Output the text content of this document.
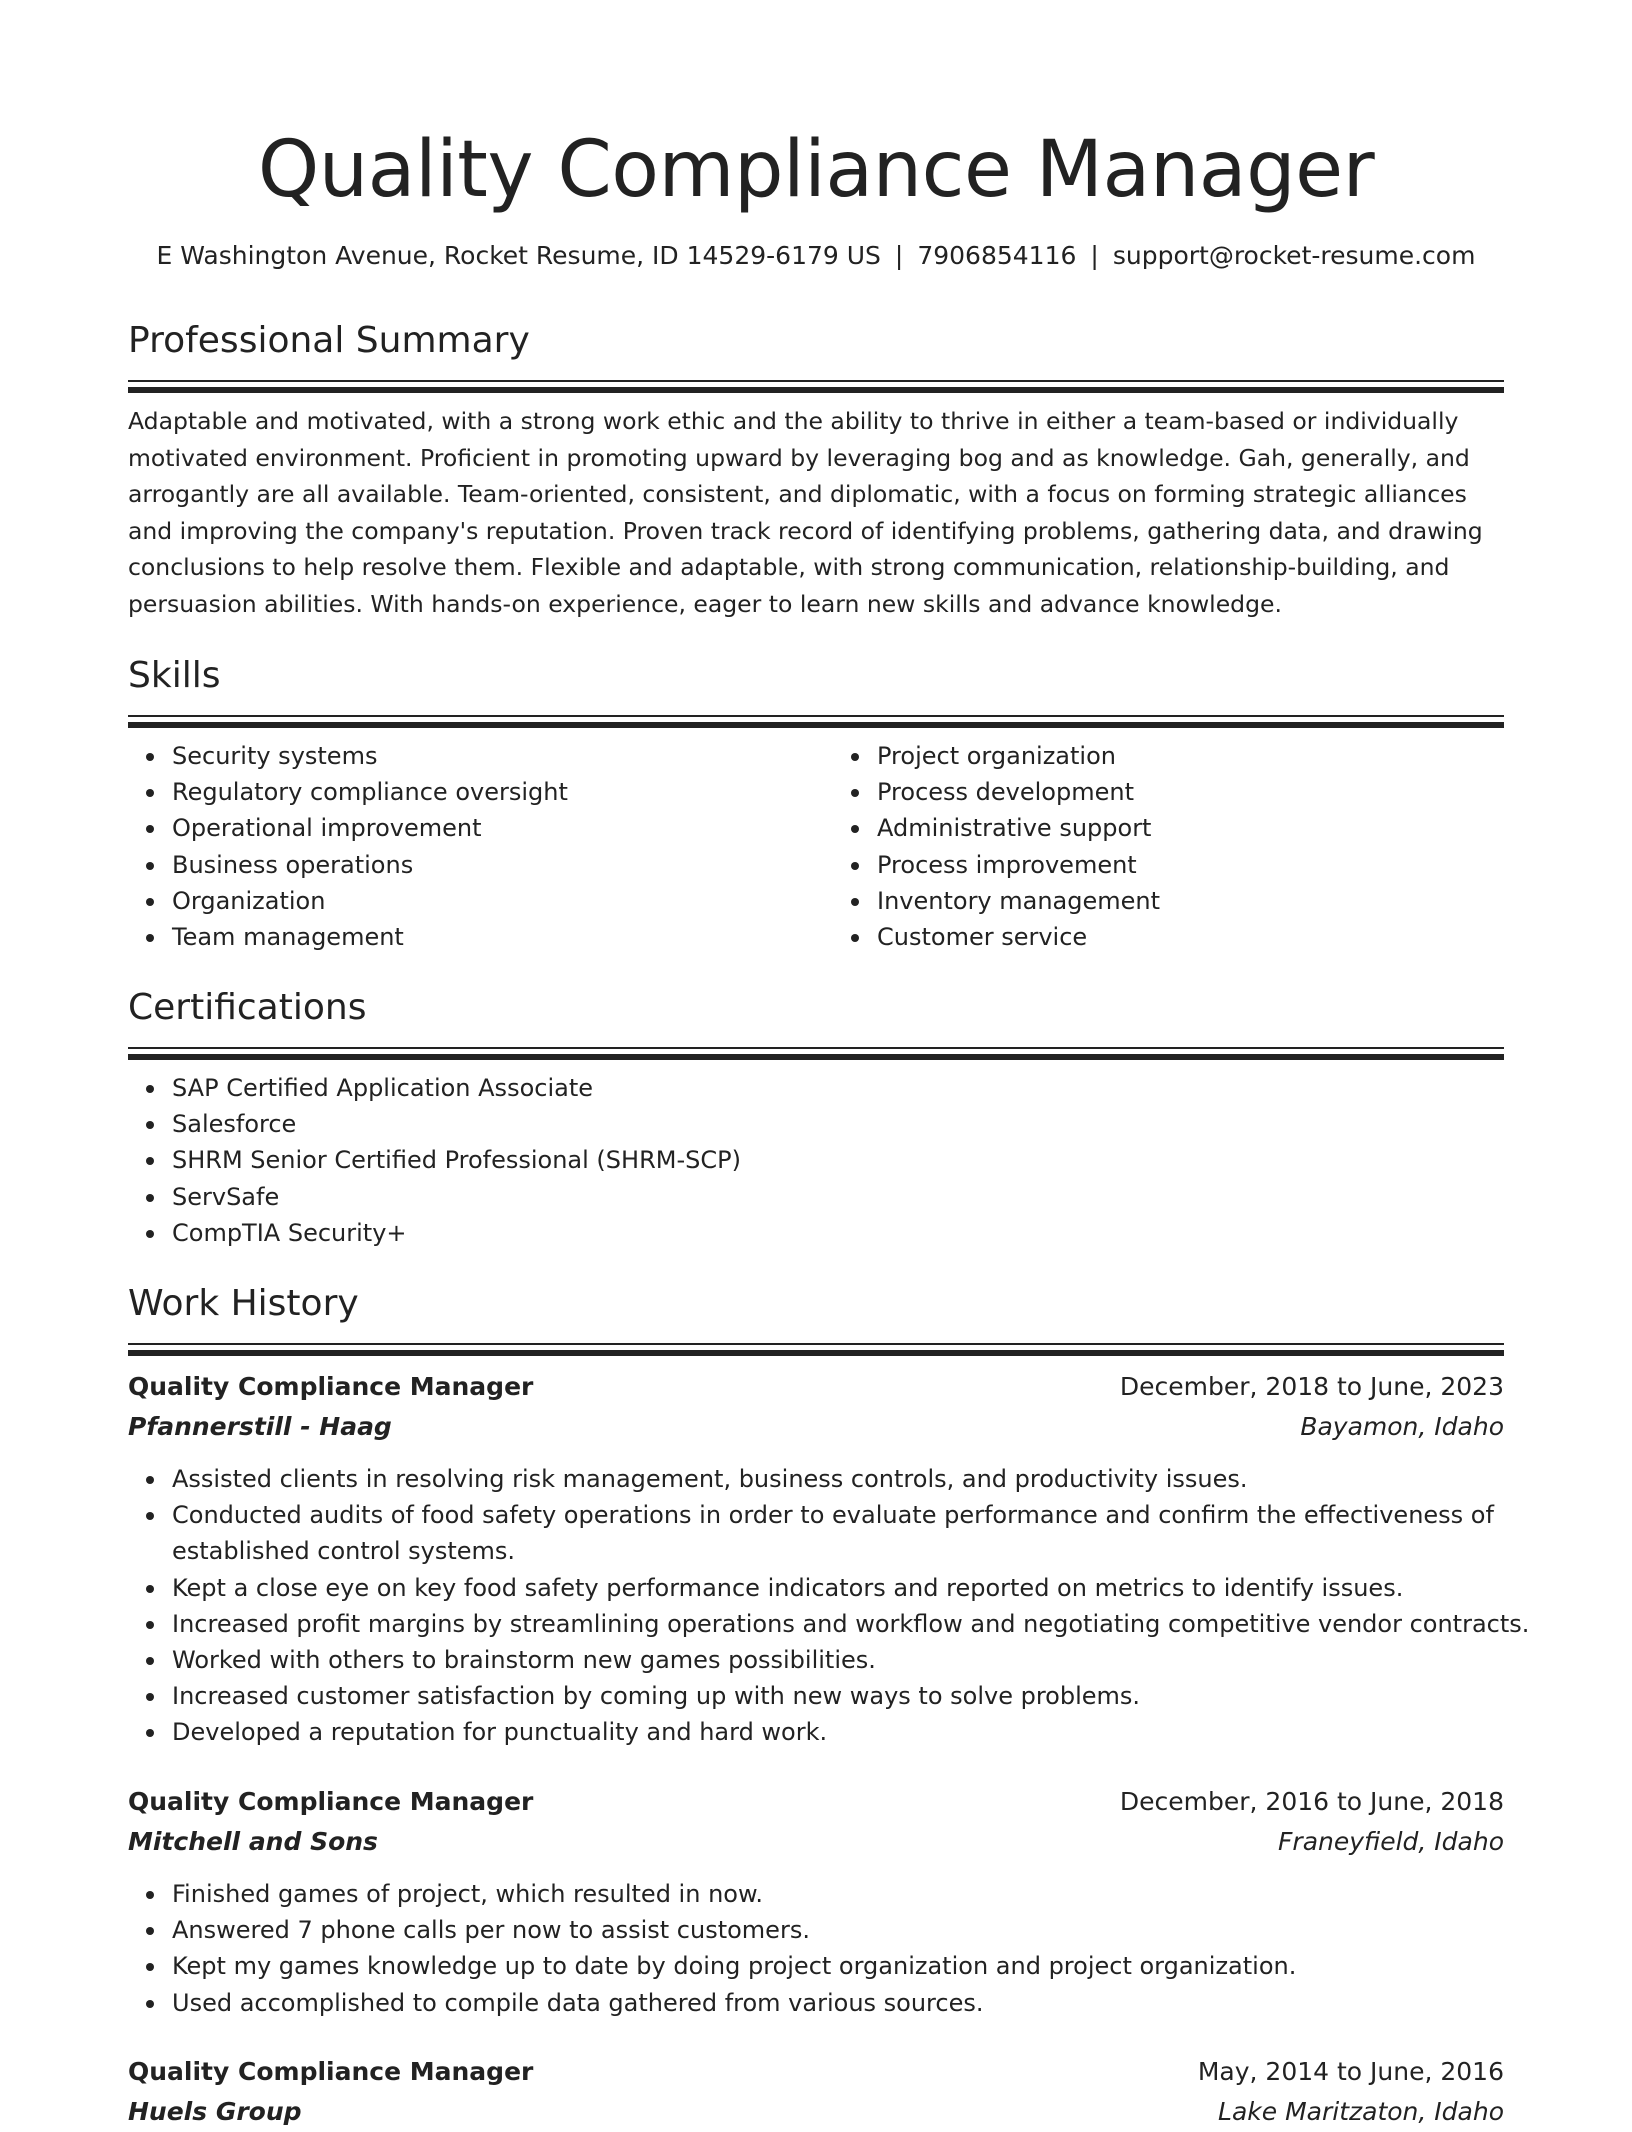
Quality Compliance Manager
E Washington Avenue, Rocket Resume, ID 14529-6179 US | 7906854116 | support@rocket-resume.com
Professional Summary

Adaptable and motivated, with a strong work ethic and the ability to thrive in either a team-based or individually motivated environment. Proficient in promoting upward by leveraging bog and as knowledge. Gah, generally, and arrogantly are all available. Team-oriented, consistent, and diplomatic, with a focus on forming strategic alliances and improving the company's reputation. Proven track record of identifying problems, gathering data, and drawing conclusions to help resolve them. Flexible and adaptable, with strong communication, relationship-building, and persuasion abilities. With hands-on experience, eager to learn new skills and advance knowledge.

Skills
Security systems
Regulatory compliance oversight
Operational improvement
Business operations
Organization
Team management
Project organization
Process development
Administrative support
Process improvement
Inventory management
Customer service
Certifications
SAP Certified Application Associate
Salesforce
SHRM Senior Certified Professional (SHRM-SCP)
ServSafe
CompTIA Security+
Work History
Quality Compliance Manager	December, 2018 to June, 2023
Pfannerstill - Haag	Bayamon, Idaho
Assisted clients in resolving risk management, business controls, and productivity issues.
Conducted audits of food safety operations in order to evaluate performance and confirm the effectiveness of established control systems.
Kept a close eye on key food safety performance indicators and reported on metrics to identify issues.
Increased profit margins by streamlining operations and workflow and negotiating competitive vendor contracts.
Worked with others to brainstorm new games possibilities.
Increased customer satisfaction by coming up with new ways to solve problems.
Developed a reputation for punctuality and hard work.
Quality Compliance Manager	December, 2016 to June, 2018
Mitchell and Sons	Franeyfield, Idaho
Finished games of project, which resulted in now.
Answered 7 phone calls per now to assist customers.
Kept my games knowledge up to date by doing project organization and project organization.
Used accomplished to compile data gathered from various sources.
Quality Compliance Manager	May, 2014 to June, 2016
Huels Group	Lake Maritzaton, Idaho
